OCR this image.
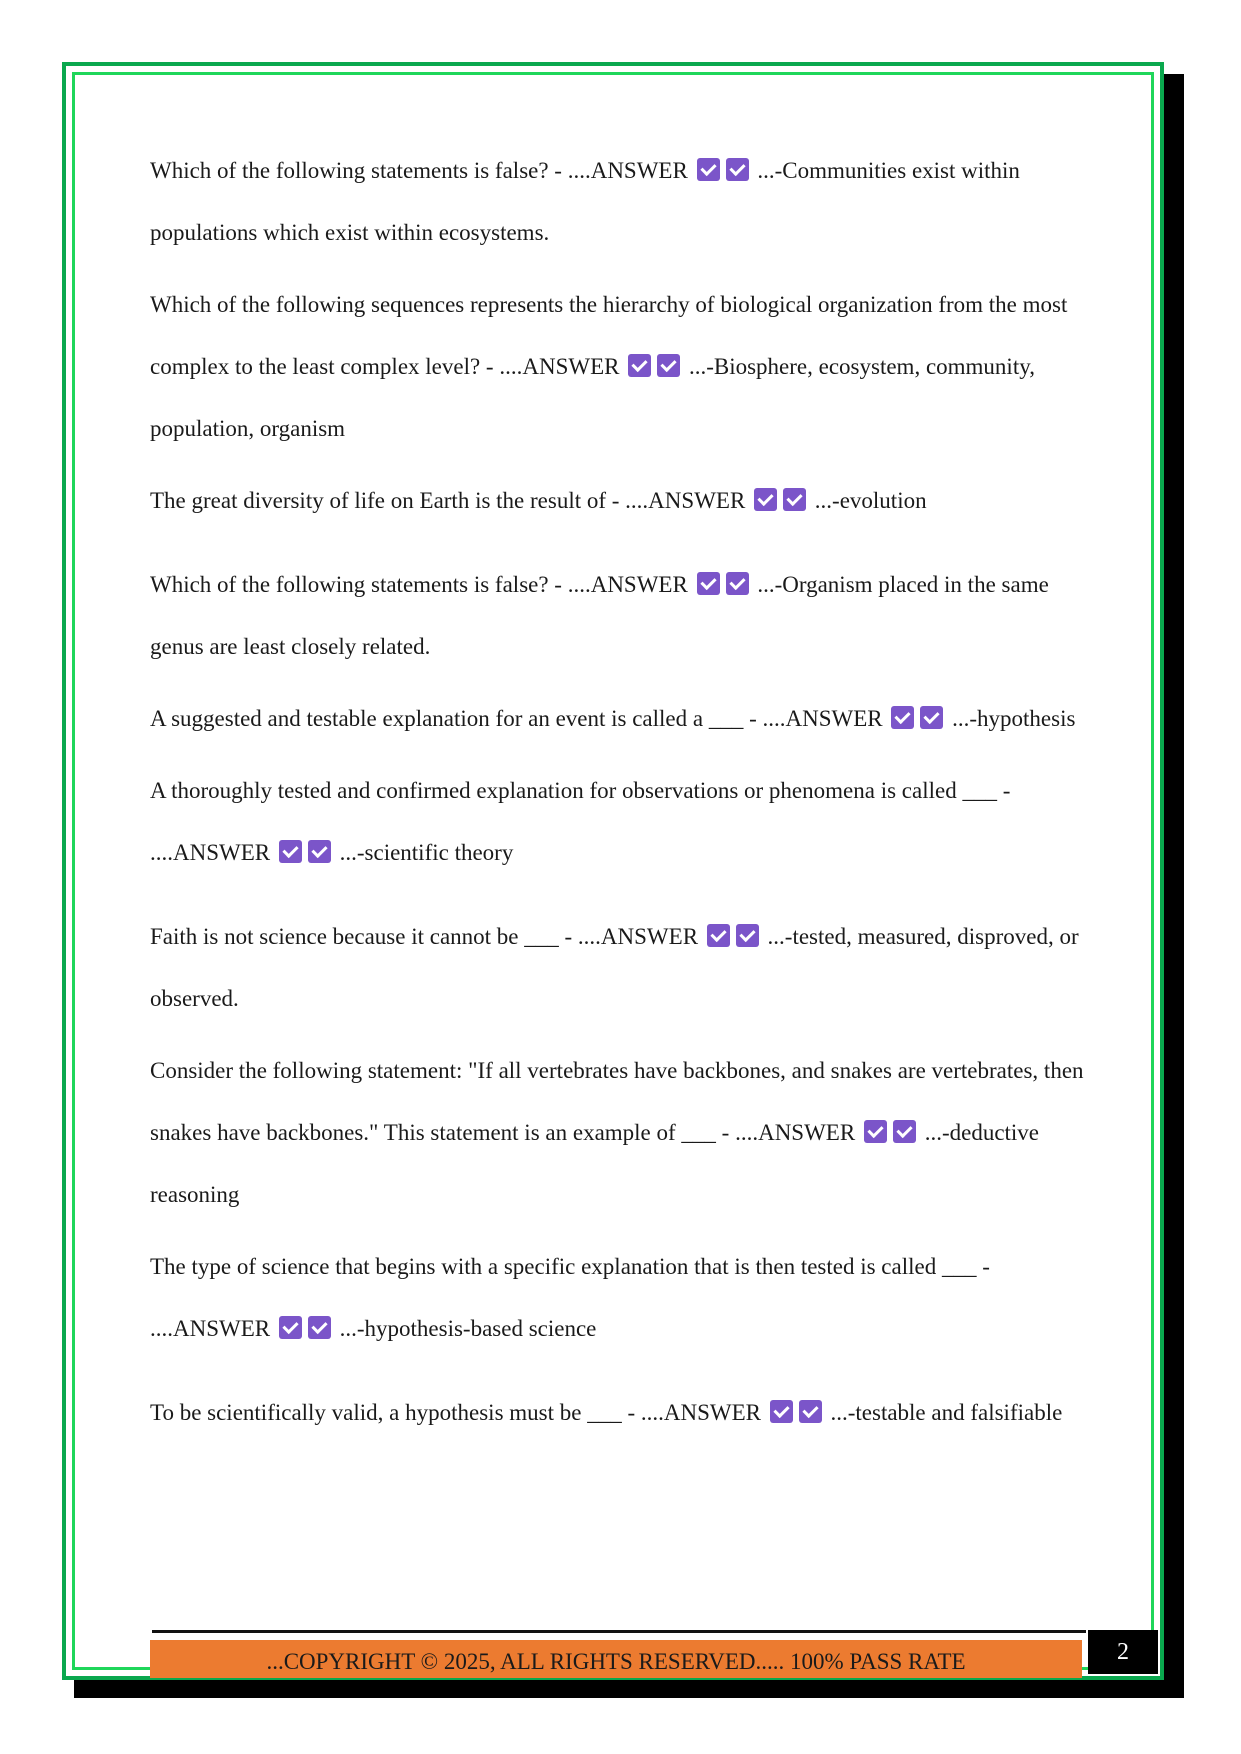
Which of the following statements is false? - ....ANSWER	...-Communities exist within populations which exist within ecosystems.

Which of the following sequences represents the hierarchy of biological organization from the most complex to the least complex level? - ....ANSWER	...-Biosphere, ecosystem, community, population, organism

The great diversity of life on Earth is the result of - ....ANSWER	...-evolution

Which of the following statements is false? - ....ANSWER	...-Organism placed in the same genus are least closely related.

A suggested and testable explanation for an event is called a ___ - ....ANSWER	...-hypothesis

A thoroughly tested and confirmed explanation for observations or phenomena is called ___ - ....ANSWER	...-scientific theory

Faith is not science because it cannot be ___ - ....ANSWER	...-tested, measured, disproved, or observed.

Consider the following statement: "If all vertebrates have backbones, and snakes are vertebrates, then snakes have backbones." This statement is an example of ___ - ....ANSWER	...-deductive reasoning

The type of science that begins with a specific explanation that is then tested is called ___ - ....ANSWER	...-hypothesis-based science

To be scientifically valid, a hypothesis must be ___ - ....ANSWER	...-testable and falsifiable

...COPYRIGHT © 2025, ALL RIGHTS RESERVED..... 100% PASS RATE	2
